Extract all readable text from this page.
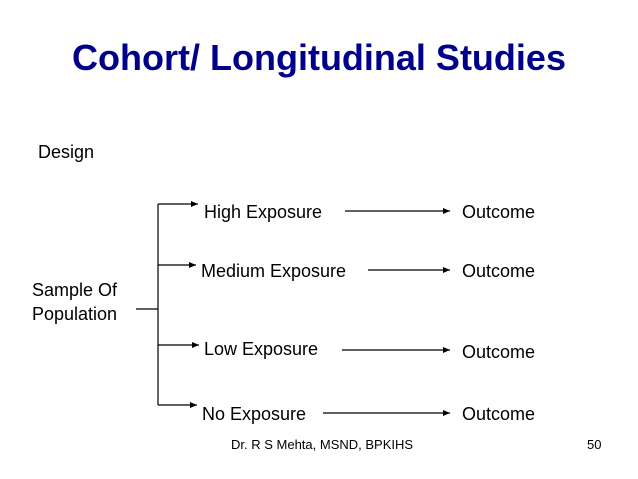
Cohort/ Longitudinal Studies
Design
Sample Of
Population
High Exposure
Medium Exposure
Low Exposure
No Exposure
Outcome
Outcome
Outcome
Outcome
Dr. R S Mehta, MSND, BPKIHS	50
